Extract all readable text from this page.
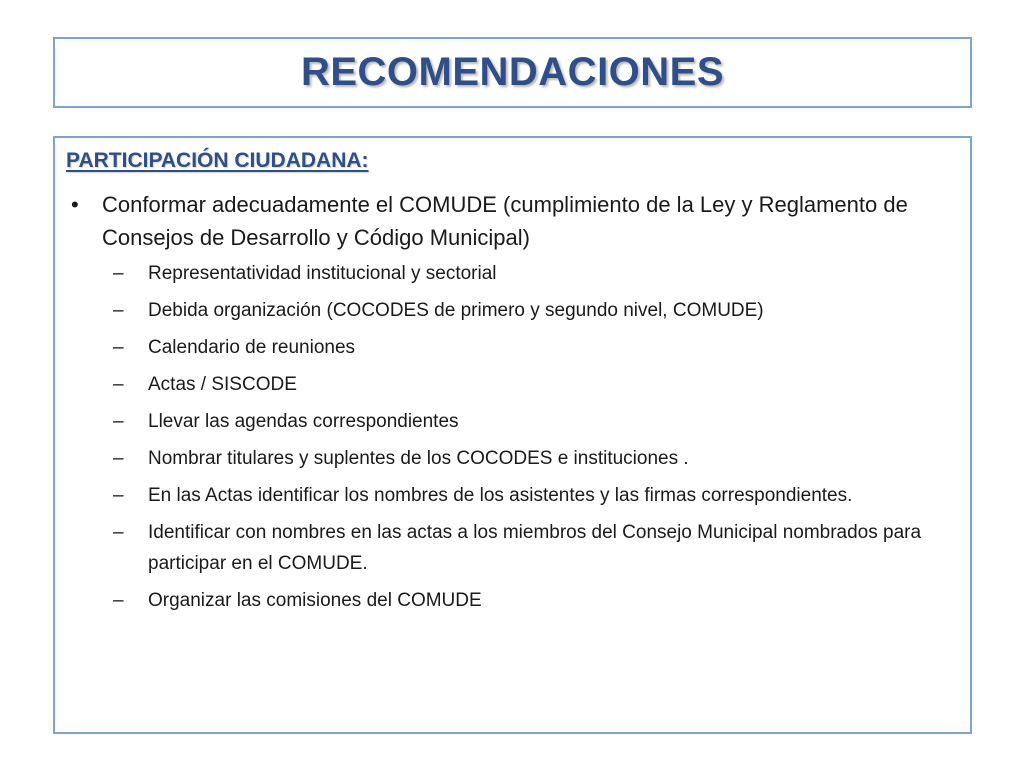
RECOMENDACIONES
PARTICIPACIÓN CIUDADANA:
•	Conformar adecuadamente el COMUDE (cumplimiento de la Ley y Reglamento de Consejos de Desarrollo y Código Municipal)
–	Representatividad institucional y sectorial
–	Debida organización (COCODES de primero y segundo nivel, COMUDE)
–	Calendario de reuniones
–	Actas / SISCODE
–	Llevar las agendas correspondientes
–	Nombrar titulares y suplentes de los COCODES e instituciones .
–	En las Actas identificar los nombres de los asistentes y las firmas correspondientes.
–	Identificar con nombres en las actas a los miembros del Consejo Municipal nombrados para participar en el COMUDE.
–	Organizar las comisiones del COMUDE
